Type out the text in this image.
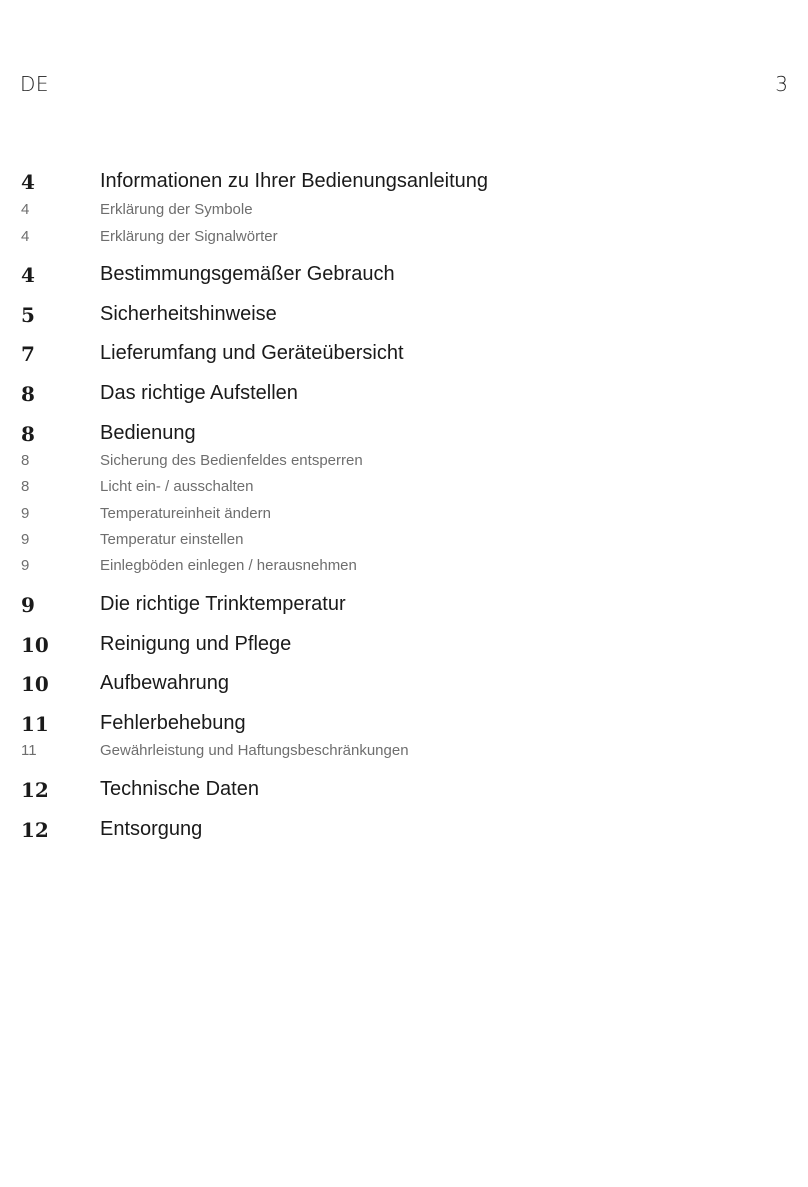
DE	3
4	Informationen zu Ihrer Bedienungsanleitung
4	Erklärung der Symbole
4	Erklärung der Signalwörter
4	Bestimmungsgemäßer Gebrauch
5	Sicherheitshinweise
7	Lieferumfang und Geräteübersicht
8	Das richtige Aufstellen
8	Bedienung
8	Sicherung des Bedienfeldes entsperren
8	Licht ein- / ausschalten
9	Temperatureinheit ändern
9	Temperatur einstellen
9	Einlegböden einlegen / herausnehmen
9	Die richtige Trinktemperatur
10	Reinigung und Pflege
10	Aufbewahrung
11	Fehlerbehebung
11	Gewährleistung und Haftungsbeschränkungen
12	Technische Daten
12	Entsorgung
